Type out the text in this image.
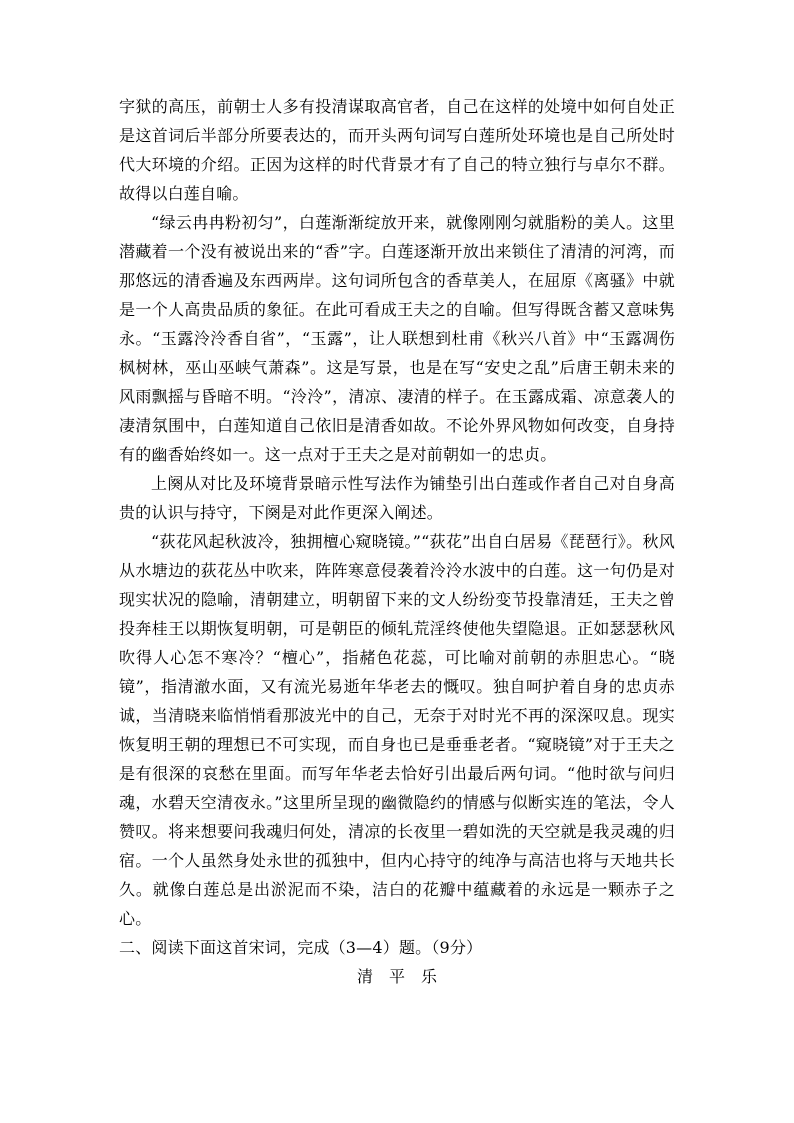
字狱的高压，前朝士人多有投清谋取高官者，自己在这样的处境中如何自处正是这首词后半部分所要表达的，而开头两句词写白莲所处环境也是自己所处时代大环境的介绍。正因为这样的时代背景才有了自己的特立独行与卓尔不群。故得以白莲自喻。

“绿云冉冉粉初匀”，白莲渐渐绽放开来，就像刚刚匀就脂粉的美人。这里潜藏着一个没有被说出来的“香”字。白莲逐渐开放出来锁住了清清的河湾，而那悠远的清香遍及东西两岸。这句词所包含的香草美人，在屈原《离骚》中就是一个人高贵品质的象征。在此可看成王夫之的自喻。但写得既含蓄又意味隽永。“玉露泠泠香自省”，“玉露”，让人联想到杜甫《秋兴八首》中“玉露凋伤枫树林，巫山巫峡气萧森”。这是写景，也是在写“安史之乱”后唐王朝未来的风雨飘摇与昏暗不明。“泠泠”，清凉、凄清的样子。在玉露成霜、凉意袭人的凄清氛围中，白莲知道自己依旧是清香如故。不论外界风物如何改变，自身持有的幽香始终如一。这一点对于王夫之是对前朝如一的忠贞。

上阕从对比及环境背景暗示性写法作为铺垫引出白莲或作者自己对自身高贵的认识与持守，下阕是对此作更深入阐述。

“荻花风起秋波冷，独拥檀心窥晓镜。”“荻花”出自白居易《琵琶行》。秋风从水塘边的荻花丛中吹来，阵阵寒意侵袭着泠泠水波中的白莲。这一句仍是对现实状况的隐喻，清朝建立，明朝留下来的文人纷纷变节投靠清廷，王夫之曾投奔桂王以期恢复明朝，可是朝臣的倾轧荒淫终使他失望隐退。正如瑟瑟秋风吹得人心怎不寒冷？“檀心”，指赭色花蕊，可比喻对前朝的赤胆忠心。“晓镜”，指清澈水面，又有流光易逝年华老去的慨叹。独自呵护着自身的忠贞赤诚，当清晓来临悄悄看那波光中的自己，无奈于对时光不再的深深叹息。现实恢复明王朝的理想已不可实现，而自身也已是垂垂老者。“窥晓镜”对于王夫之是有很深的哀愁在里面。而写年华老去恰好引出最后两句词。“他时欲与问归魂，水碧天空清夜永。”这里所呈现的幽微隐约的情感与似断实连的笔法，令人赞叹。将来想要问我魂归何处，清凉的长夜里一碧如洗的天空就是我灵魂的归宿。一个人虽然身处永世的孤独中，但内心持守的纯净与高洁也将与天地共长久。就像白莲总是出淤泥而不染，洁白的花瓣中蕴藏着的永远是一颗赤子之心。

二、阅读下面这首宋词，完成（3—4）题。（9分）

清平乐
